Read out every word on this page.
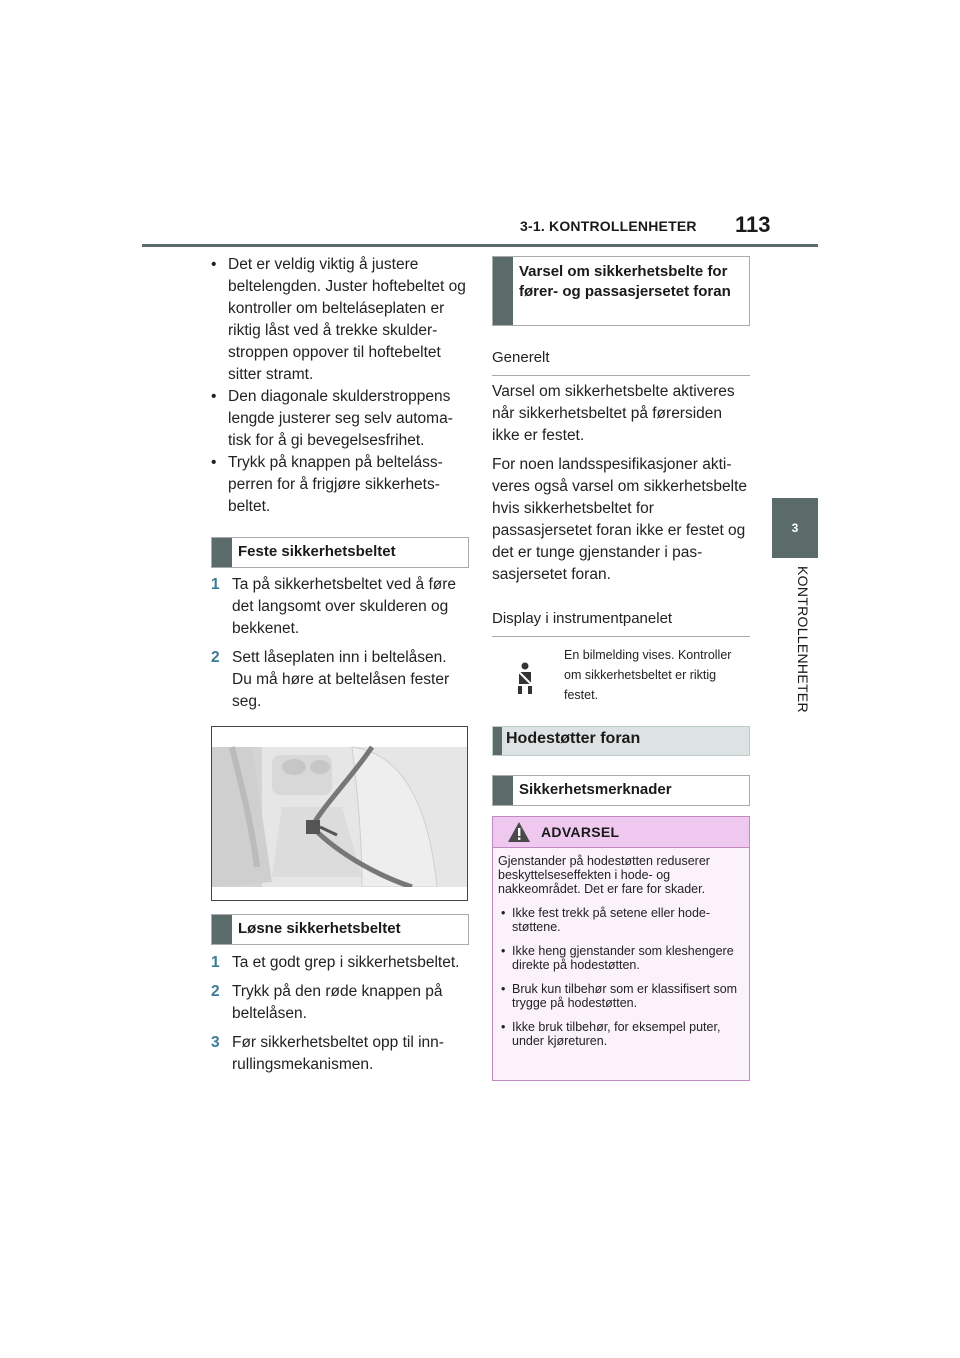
3-1. KONTROLLENHETER 113
3
KONTROLLENHETER
• Det er veldig viktig å justere beltelengden. Juster hoftebeltet og kontroller om belteláseplaten er riktig låst ved å trekke skulderstroppen oppover til hoftebeltet sitter stramt.
• Den diagonale skulderstroppens lengde justerer seg selv automatisk for å gi bevegelsesfrihet.
• Trykk på knappen på beltelássperren for å frigjøre sikkerhetsbeltet.
Feste sikkerhetsbeltet
1 Ta på sikkerhetsbeltet ved å føre det langsomt over skulderen og bekkenet.
2 Sett låseplaten inn i beltelåsen. Du må høre at beltelåsen fester seg.
Løsne sikkerhetsbeltet
1 Ta et godt grep i sikkerhetsbeltet.
2 Trykk på den røde knappen på beltelåsen.
3 Før sikkerhetsbeltet opp til innrullingsmekanismen.
Varsel om sikkerhetsbelte for fører- og passasjersetet foran
Generelt
Varsel om sikkerhetsbelte aktiveres når sikkerhetsbeltet på førersiden ikke er festet.
For noen landsspesifikasjoner aktiveres også varsel om sikkerhetsbelte hvis sikkerhetsbeltet for passasjersetet foran ikke er festet og det er tunge gjenstander i passasjersetet foran.
Display i instrumentpanelet
En bilmelding vises. Kontroller om sikkerhetsbeltet er riktig festet.
Hodestøtter foran
Sikkerhetsmerknader
ADVARSEL
Gjenstander på hodestøtten reduserer beskyttelseseffekten i hode- og nakkeområdet. Det er fare for skader.
• Ikke fest trekk på setene eller hodestøttene.
• Ikke heng gjenstander som kleshengere direkte på hodestøtten.
• Bruk kun tilbehør som er klassifisert som trygge på hodestøtten.
• Ikke bruk tilbehør, for eksempel puter, under kjøreturen.
